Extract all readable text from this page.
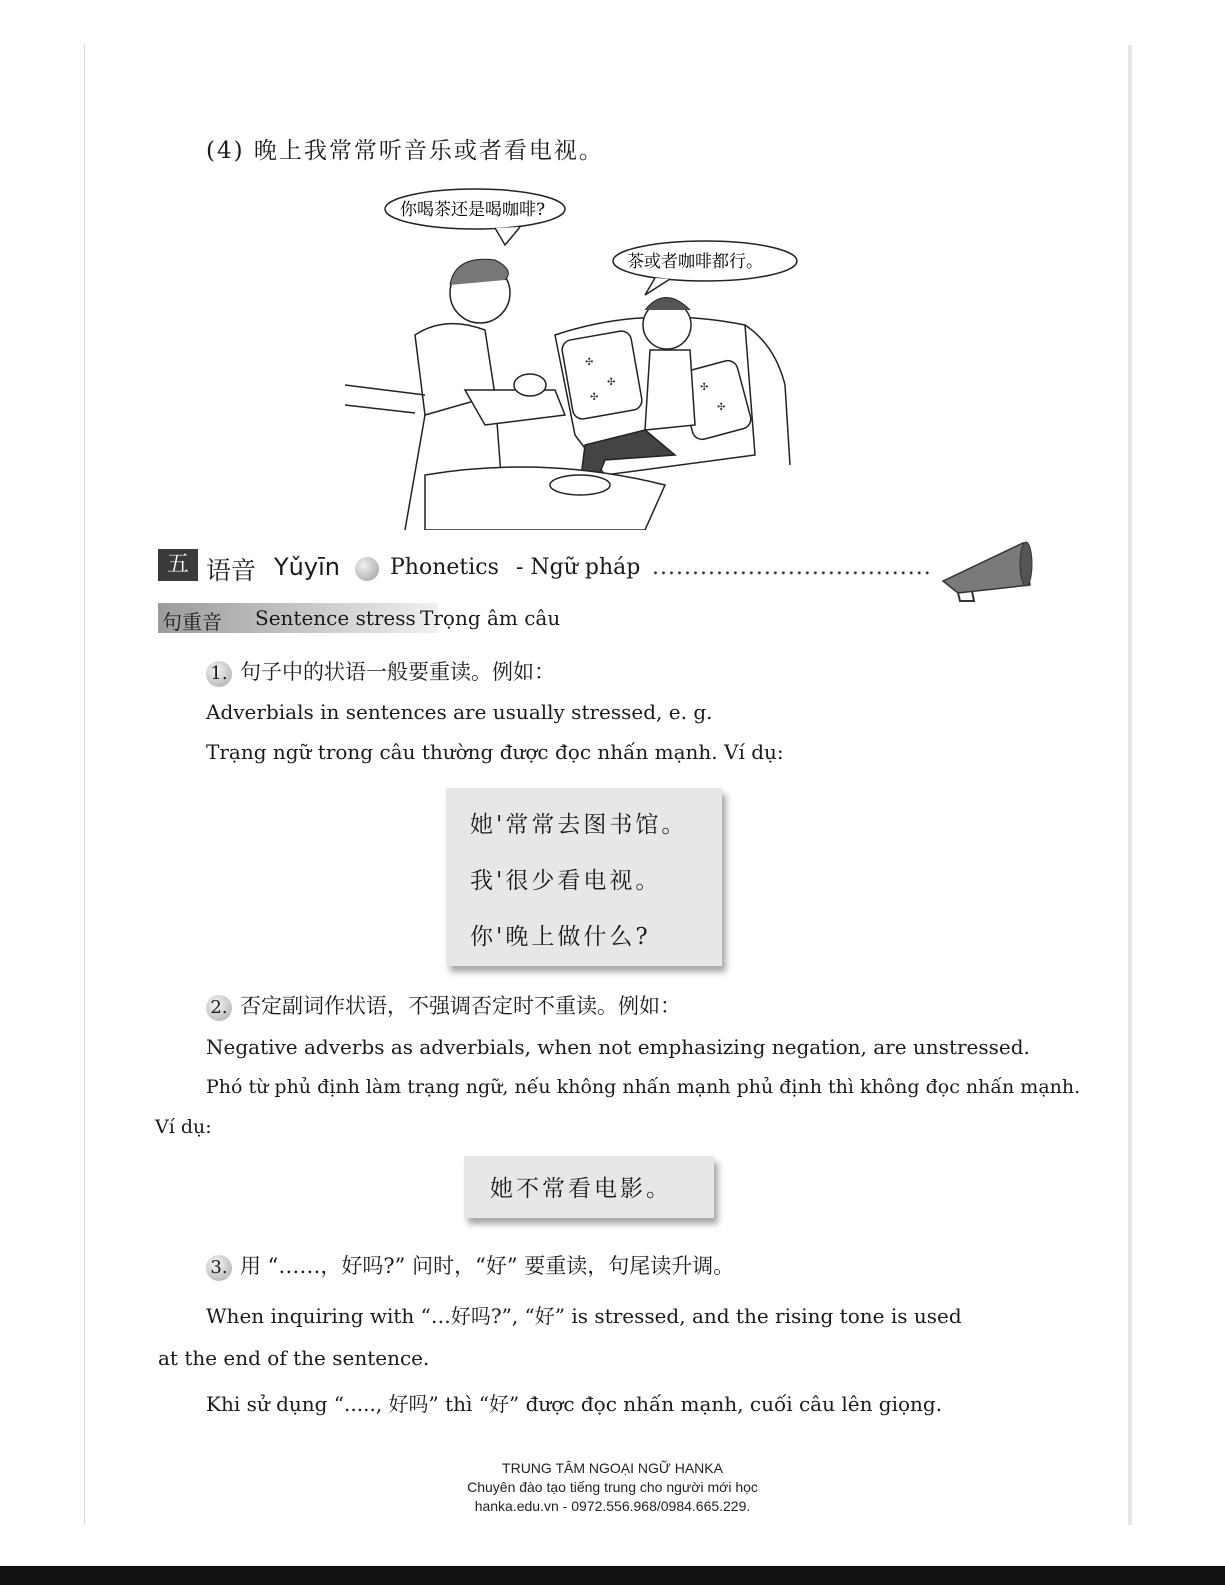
(4) 晚上我常常听音乐或者看电视。
你喝茶还是喝咖啡?
茶或者咖啡都行。
✣
✣
✣
✣
✣
五 语音 Yǔyīn Phonetics - Ngữ pháp ...................................
句重音 Sentence stress Trọng âm câu
1. 句子中的状语一般要重读。例如：
Adverbials in sentences are usually stressed, e. g.
Trạng ngữ trong câu thường được đọc nhấn mạnh. Ví dụ:
她'常常去图书馆。
我'很少看电视。
你'晚上做什么?
2. 否定副词作状语，不强调否定时不重读。例如：
Negative adverbs as adverbials, when not emphasizing negation, are unstressed.
Phó từ phủ định làm trạng ngữ, nếu không nhấn mạnh phủ định thì không đọc nhấn mạnh.
Ví dụ:
她不常看电影。
3. 用 “……，好吗?” 问时，“好” 要重读，句尾读升调。
When inquiring with “…好吗?”, “好” is stressed, and the rising tone is used
at the end of the sentence.
Khi sử dụng “....., 好吗” thì “好” được đọc nhấn mạnh, cuối câu lên giọng.
TRUNG TÂM NGOẠI NGỮ HANKA
Chuyên đào tạo tiếng trung cho người mới học
hanka.edu.vn - 0972.556.968/0984.665.229.
